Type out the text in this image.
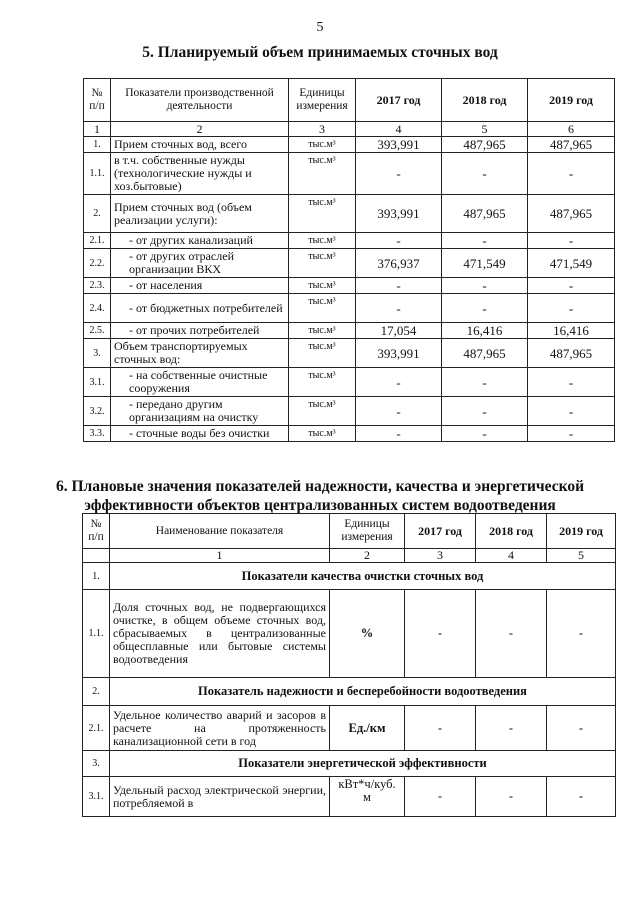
5
5. Планируемый объем принимаемых сточных вод
№ п/п	Показатели производственной деятельности	Единицы измерения	2017 год	2018 год	2019 год
1	2	3	4	5	6
1.	Прием сточных вод, всего	тыс.м³	393,991	487,965	487,965
1.1.	в т.ч. собственные нужды (технологические нужды и хоз.бытовые)	тыс.м³	-	-	-
2.	Прием сточных вод (объем реализации услуги):	тыс.м³	393,991	487,965	487,965
2.1.	- от других канализаций	тыс.м³	-	-	-
2.2.	- от других отраслей организации ВКХ	тыс.м³	376,937	471,549	471,549
2.3.	- от населения	тыс.м³	-	-	-
2.4.	- от бюджетных потребителей	тыс.м³	-	-	-
2.5.	- от прочих потребителей	тыс.м³	17,054	16,416	16,416
3.	Объем транспортируемых сточных вод:	тыс.м³	393,991	487,965	487,965
3.1.	- на собственные очистные сооружения	тыс.м³	-	-	-
3.2.	- передано другим организациям на очистку	тыс.м³	-	-	-
3.3.	- сточные воды без очистки	тыс.м³	-	-	-
6. Плановые значения показателей надежности, качества и энергетической
эффективности объектов централизованных систем водоотведения
№ п/п	Наименование показателя	Единицы измерения	2017 год	2018 год	2019 год
	1	2	3	4	5
1.	Показатели качества очистки сточных вод				
1.1.	Доля сточных вод, не подвергающихся очистке, в общем объеме сточных вод, сбрасываемых в централизованные общесплавные или бытовые системы водоотведения	%	-	-	-
2.	Показатель надежности и бесперебойности водоотведения				
2.1.	Удельное количество аварий и засоров в расчете на протяженность канализационной сети в год	Ед./км	-	-	-
3.	Показатели энергетической эффективности				
3.1.	Удельный расход электрической энергии, потребляемой в	кВт*ч/куб. м	-	-	-
